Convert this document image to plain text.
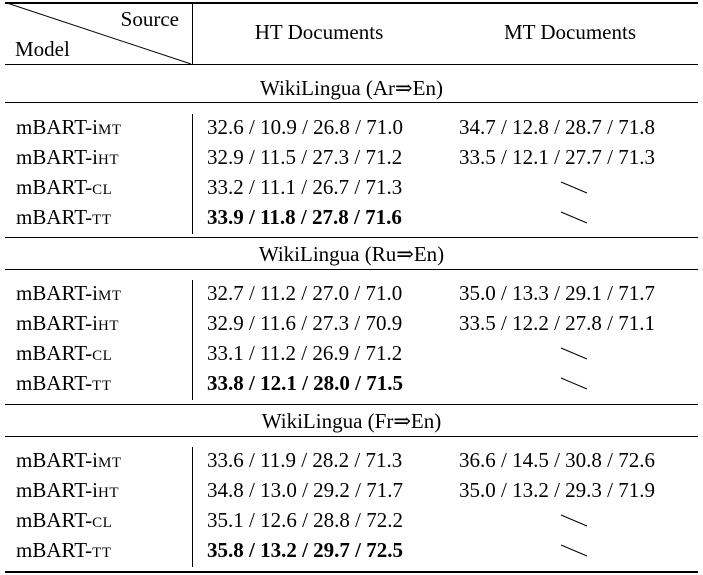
Source
Model
HT Documents	MT Documents
WikiLingua (Ar⇒En)
mBART-iMT	32.6 / 10.9 / 26.8 / 71.0	34.7 / 12.8 / 28.7 / 71.8
mBART-iHT	32.9 / 11.5 / 27.3 / 71.2	33.5 / 12.1 / 27.7 / 71.3
mBART-CL	33.2 / 11.1 / 26.7 / 71.3
mBART-TT	33.9 / 11.8 / 27.8 / 71.6
WikiLingua (Ru⇒En)
mBART-iMT	32.7 / 11.2 / 27.0 / 71.0	35.0 / 13.3 / 29.1 / 71.7
mBART-iHT	32.9 / 11.6 / 27.3 / 70.9	33.5 / 12.2 / 27.8 / 71.1
mBART-CL	33.1 / 11.2 / 26.9 / 71.2
mBART-TT	33.8 / 12.1 / 28.0 / 71.5
WikiLingua (Fr⇒En)
mBART-iMT	33.6 / 11.9 / 28.2 / 71.3	36.6 / 14.5 / 30.8 / 72.6
mBART-iHT	34.8 / 13.0 / 29.2 / 71.7	35.0 / 13.2 / 29.3 / 71.9
mBART-CL	35.1 / 12.6 / 28.8 / 72.2
mBART-TT	35.8 / 13.2 / 29.7 / 72.5
